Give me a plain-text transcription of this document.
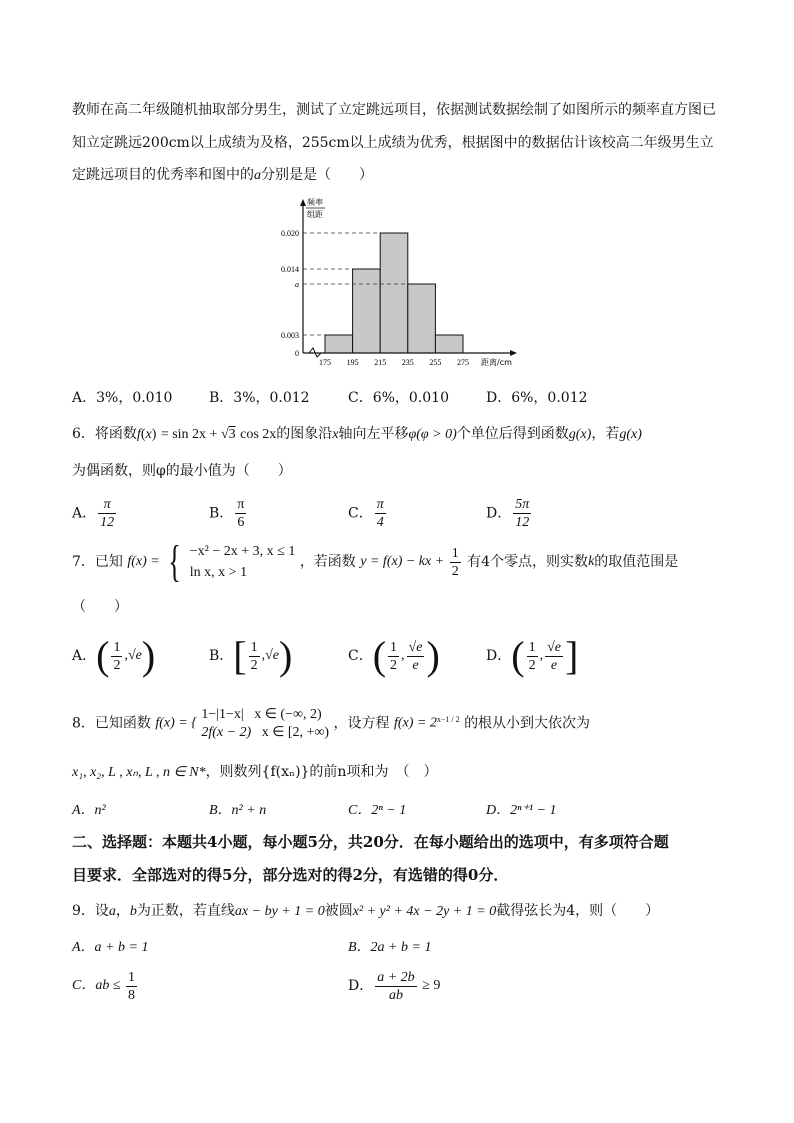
教师在高二年级随机抽取部分男生，测试了立定跳远项目，依据测试数据绘制了如图所示的频率直方图已
知立定跳远200cm以上成绩为及格，255cm以上成绩为优秀，根据图中的数据估计该校高二年级男生立
定跳远项目的优秀率和图中的a分别是是（　　）
0.020
0.014
a
0.003
175 195 215 235 255 275
0
频率
组距
距离/cm
A．3%，0.010	B．3%，0.012	C．6%，0.010	D．6%，0.012
6．将函数f(x) = sin 2x + √3 cos 2x的图象沿x轴向左平移φ(φ > 0)个单位后得到函数g(x)，若g(x)
为偶函数，则φ的最小值为（　　）
A． $\frac{\pi}{12}$	B． $\frac{\pi}{6}$	C． $\frac{\pi}{4}$	D． $\frac{5\pi}{12}$
7．已知 f(x) = { −x² − 2x + 3, x ≤ 1
ln x, x > 1
，若函数 y = f(x) − kx + $\frac{1}{2}$ 有4个零点，则实数k的取值范围是
（　　）
A．( $\frac{1}{2} ,√e$)	B．[ $\frac{1}{2} ,√e$)	C．( $\frac{1}{2}$ , $\frac{√e}{e}$ )	D．( $\frac{1}{2}$ , $\frac{√e}{e}$ ]
8．已知函数 f(x) = {
1−|1−x| x ∈ (−∞, 2)
2f(x − 2) x ∈ [2, +∞)
，设方程 $f(x) = 2^{x-1 / 2}$ 的根从小到大依次为
x₁, x₂, L , xₙ, L , n ∈ N*，则数列{f(xₙ)}的前n项和为　（　）
A．n²	B．n² + n	C．2ⁿ − 1	D．2ⁿ⁺¹ − 1
二、选择题：本题共4小题，每小题5分，共20分．在每小题给出的选项中，有多项符合题
目要求．全部选对的得5分，部分选对的得2分，有选错的得0分．
9．设a，b为正数，若直线ax − by + 1 = 0被圆x² + y² + 4x − 2y + 1 = 0截得弦长为4，则（　　）
A．a + b = 1	B．2a + b = 1
C．ab ≤ $\frac{1}{8}$	D． $\frac{a + 2b}{ab} \ge 9$
